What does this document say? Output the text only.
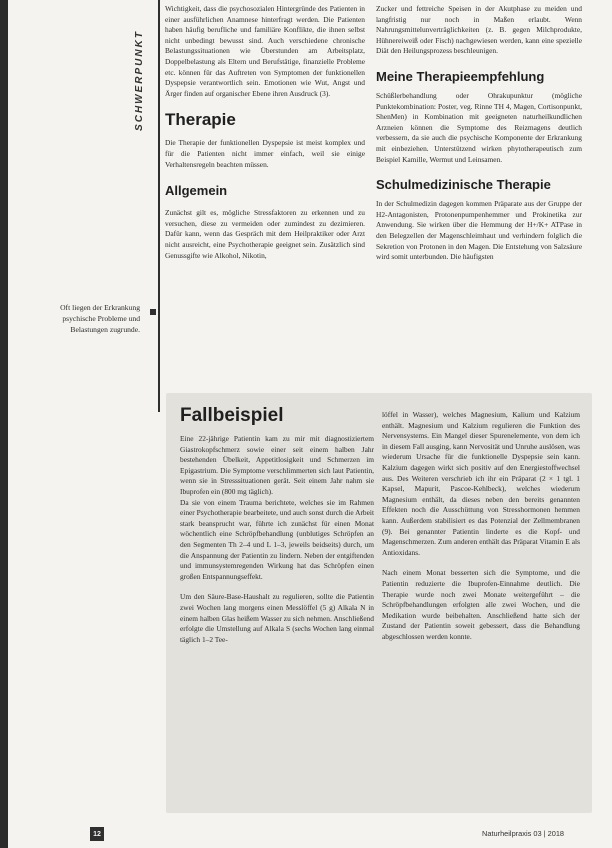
SCHWERPUNKT
Oft liegen der Erkrankung psychische Probleme und Belastungen zugrunde.

Wichtigkeit, dass die psychosozialen Hintergründe des Patienten in einer ausführlichen Anamnese hinterfragt werden. Die Patienten haben häufig berufliche und familiäre Konflikte, die ihnen selbst nicht unbedingt bewusst sind. Auch verschiedene chronische Belastungssituationen wie Überstunden am Arbeitsplatz, Doppelbelastung als Eltern und Berufstätige, finanzielle Probleme etc. können für das Auftreten von Symptomen der funktionellen Dyspepsie verantwortlich sein. Emotionen wie Wut, Angst und Ärger finden auf organischer Ebene ihren Ausdruck (3).

Therapie

Die Therapie der funktionellen Dyspepsie ist meist komplex und für die Patienten nicht immer einfach, weil sie einige Verhaltensregeln beachten müssen.

Allgemein

Zunächst gilt es, mögliche Stressfaktoren zu erkennen und zu versuchen, diese zu vermeiden oder zumindest zu dezimieren. Dafür kann, wenn das Gespräch mit dem Heilpraktiker oder Arzt nicht ausreicht, eine Psychotherapie geeignet sein. Zusätzlich sind Genussgifte wie Alkohol, Nikotin,

Zucker und fettreiche Speisen in der Akutphase zu meiden und langfristig nur noch in Maßen erlaubt. Wenn Nahrungsmittelunverträglichkeiten (z. B. gegen Milchprodukte, Hühnereiweiß oder Fisch) nachgewiesen werden, kann eine spezielle Diät den Heilungsprozess beschleunigen.

Meine Therapieempfehlung

Schüßlerbehandlung oder Ohrakupunktur (mögliche Punktekombination: Poster, veg. Rinne TH 4, Magen, Cortisonpunkt, ShenMen) in Kombination mit geeigneten naturheilkundlichen Arzneien können die Symptome des Reizmagens deutlich verbessern, da sie auch die psychische Komponente der Erkrankung mit einbeziehen. Unterstützend wirken phytotherapeutisch zum Beispiel Kamille, Wermut und Leinsamen.

Schulmedizinische Therapie

In der Schulmedizin dagegen kommen Präparate aus der Gruppe der H2-Antagonisten, Protonenpumpenhemmer und Prokinetika zur Anwendung. Sie wirken über die Hemmung der H+/K+ ATPase in den Belegzellen der Magenschleimhaut und verhindern folglich die Sekretion von Protonen in den Magen. Die Entstehung von Salzsäure wird somit unterbunden. Die häufigsten

Fallbeispiel

Eine 22-jährige Patientin kam zu mir mit diagnostiziertem Giastrokopfschmerz sowie einer seit einem halben Jahr bestehenden Übelkeit, Appetitlosigkeit und Schmerzen im Epigastrium. Die Symptome verschlimmerten sich laut Patientin, wenn sie in Stresssituationen gerät. Seit einem Jahr nahm sie Ibuprofen ein (800 mg täglich).

Da sie von einem Trauma berichtete, welches sie im Rahmen einer Psychotherapie bearbeitete, und auch sonst durch die Arbeit stark beansprucht war, führte ich zunächst für einen Monat wöchentlich eine Schröpfbehandlung (unblutiges Schröpfen an den Segmenten Th 2–4 und L 1–3, jeweils beidseits) durch, um die Anspannung der Patientin zu lindern. Neben der entgiftenden und immunsystemregenden Wirkung hat das Schröpfen einen großen Entspannungseffekt.

Um den Säure-Base-Haushalt zu regulieren, sollte die Patientin zwei Wochen lang morgens einen Messlöffel (5 g) Alkala N in einem halben Glas heißem Wasser zu sich nehmen. Anschließend erfolgte die Umstellung auf Alkala S (sechs Wochen lang einmal täglich 1–2 Tee-

löffel in Wasser), welches Magnesium, Kalium und Kalzium enthält. Magnesium und Kalzium regulieren die Funktion des Nervensystems. Ein Mangel dieser Spurenelemente, von dem ich in diesem Fall ausging, kann Nervosität und Unruhe auslösen, was wiederum Ursache für die funktionelle Dyspepsie sein kann. Kalzium dagegen wirkt sich positiv auf den Energiestoffwechsel aus. Des Weiteren verschrieb ich ihr ein Präparat (2 × 1 tgl. 1 Kapsel, Mapurit, Pascoe-Kehlbeck), welches wiederum Magnesium enthält, da dieses neben den bereits genannten Effekten noch die Ausschüttung von Stresshormonen hemmen kann. Außerdem stabilisiert es das Potenzial der Zellmembranen (9). Bei genannter Patientin linderte es die Kopf- und Magenschmerzen. Zum anderen enthält das Präparat Vitamin E als Antioxidans.

Nach einem Monat besserten sich die Symptome, und die Patientin reduzierte die Ibuprofen-Einnahme deutlich. Die Therapie wurde noch zwei Monate weitergeführt – die Schröpfbehandlungen erfolgten alle zwei Wochen, und die Medikation wurde beibehalten. Anschließend hatte sich der Zustand der Patientin soweit gebessert, dass die Behandlung abgeschlossen werden konnte.

12	Naturheilpraxis 03 | 2018
